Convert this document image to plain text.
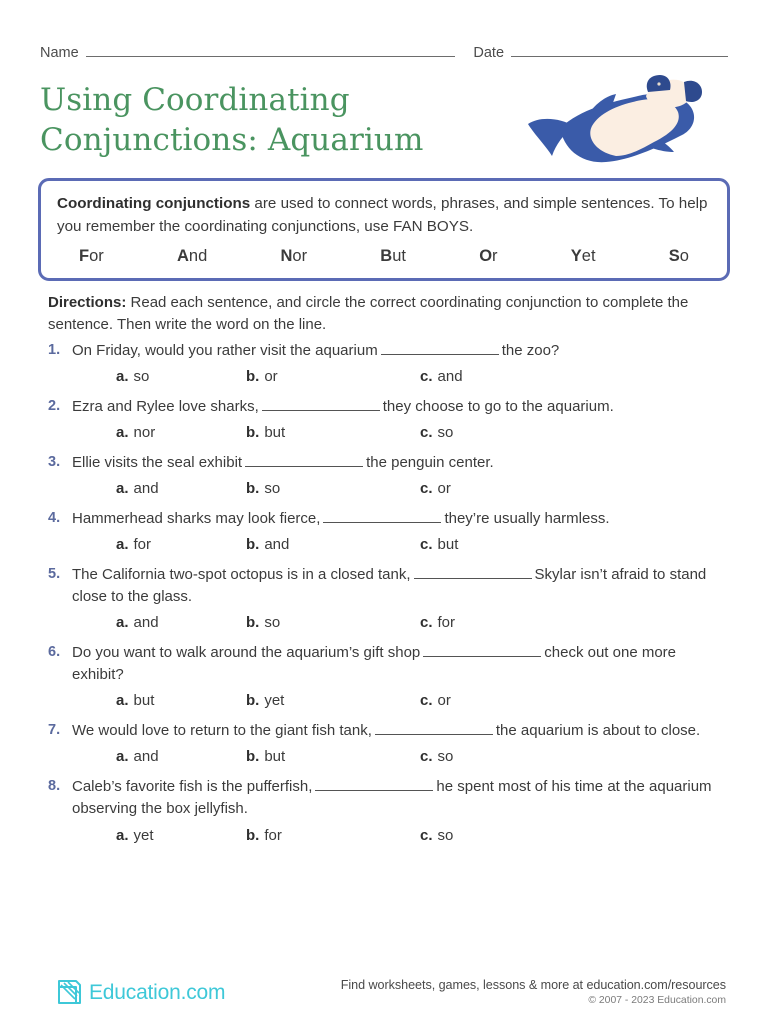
Name	Date
Using Coordinating Conjunctions: Aquarium
Coordinating conjunctions are used to connect words, phrases, and simple sentences. To help you remember the coordinating conjunctions, use FAN BOYS.
For	And	Nor	But	Or	Yet	So
Directions: Read each sentence, and circle the correct coordinating conjunction to complete the sentence. Then write the word on the line.
1. On Friday, would you rather visit the aquarium	the zoo?
a. so	b. or	c. and
2. Ezra and Rylee love sharks,	they choose to go to the aquarium.
a. nor	b. but	c. so
3. Ellie visits the seal exhibit	the penguin center.
a. and	b. so	c. or
4. Hammerhead sharks may look fierce,	they’re usually harmless.
a. for	b. and	c. but
5. The California two-spot octopus is in a closed tank,	Skylar isn’t afraid to stand close to the glass.
a. and	b. so	c. for
6. Do you want to walk around the aquarium’s gift shop	check out one more exhibit?
a. but	b. yet	c. or
7. We would love to return to the giant fish tank,	the aquarium is about to close.
a. and	b. but	c. so
8. Caleb’s favorite fish is the pufferfish,	he spent most of his time at the aquarium observing the box jellyfish.
a. yet	b. for	c. so
Education.com	Find worksheets, games, lessons & more at education.com/resources
© 2007 - 2023 Education.com
